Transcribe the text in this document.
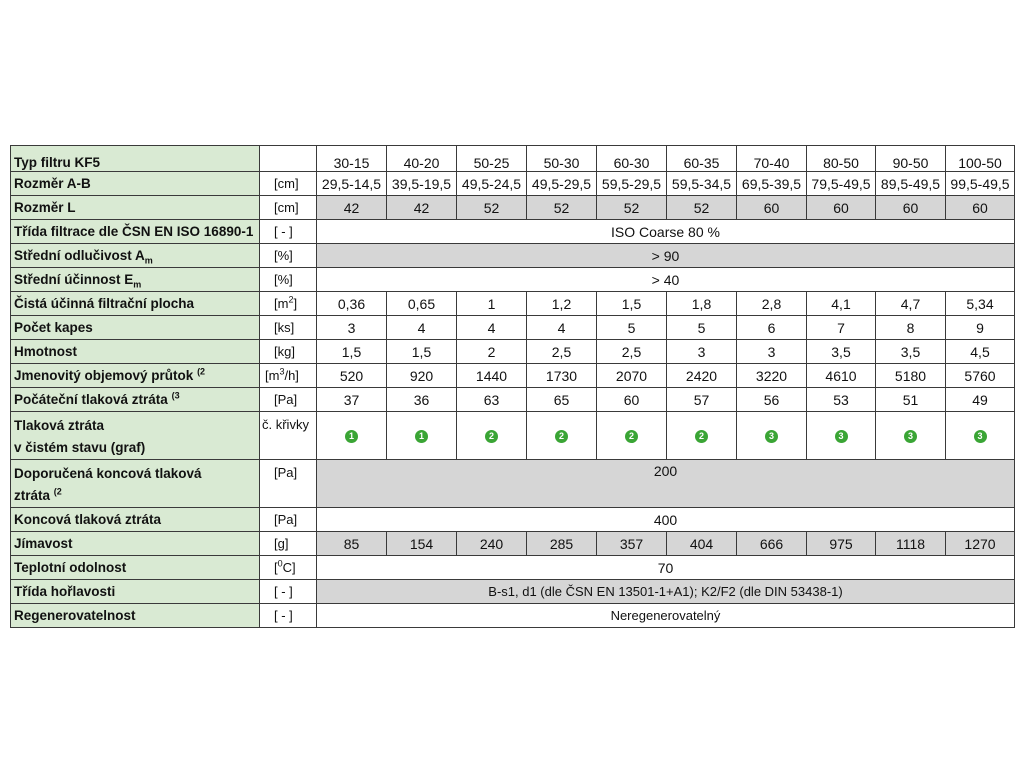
Typ filtru KF5		30-15	40-20	50-25	50-30	60-30	60-35	70-40	80-50	90-50	100-50
Rozměr A-B	[cm]	29,5-14,5	39,5-19,5	49,5-24,5	49,5-29,5	59,5-29,5	59,5-34,5	69,5-39,5	79,5-49,5	89,5-49,5	99,5-49,5
Rozměr L	[cm]	42	42	52	52	52	52	60	60	60	60
Třída filtrace dle ČSN EN ISO 16890-1	[ - ]	ISO Coarse 80 %									
Střední odlučivost $A_m$	[%]	> 90									
Střední účinnost $E_m$	[%]	> 40									
Čistá účinná filtrační plocha	$[m^2]$	0,36	0,65	1	1,2	1,5	1,8	2,8	4,1	4,7	5,34
Počet kapes	[ks]	3	4	4	4	5	5	6	7	8	9
Hmotnost	[kg]	1,5	1,5	2	2,5	2,5	3	3	3,5	3,5	4,5
Jmenovitý objemový průtok $^{(2}$	$[m^3/h]$	520	920	1440	1730	2070	2420	3220	4610	5180	5760
Počáteční tlaková ztráta $^{(3}$	[Pa]	37	36	63	65	60	57	56	53	51	49
Tlaková ztráta
v čistém stavu (graf)	č. křivky	1	1	2	2	2	2	3	3	3	3
Doporučená koncová tlaková
ztráta $^{(2}$	[Pa]	200									
Koncová tlaková ztráta	[Pa]	400									
Jímavost	[g]	85	154	240	285	357	404	666	975	1118	1270
Teplotní odolnost	[$^0$C]	70									
Třída hořlavosti	[ - ]	B-s1, d1 (dle ČSN EN 13501-1+A1); K2/F2 (dle DIN 53438-1)									
Regenerovatelnost	[ - ]	Neregenerovatelný									
